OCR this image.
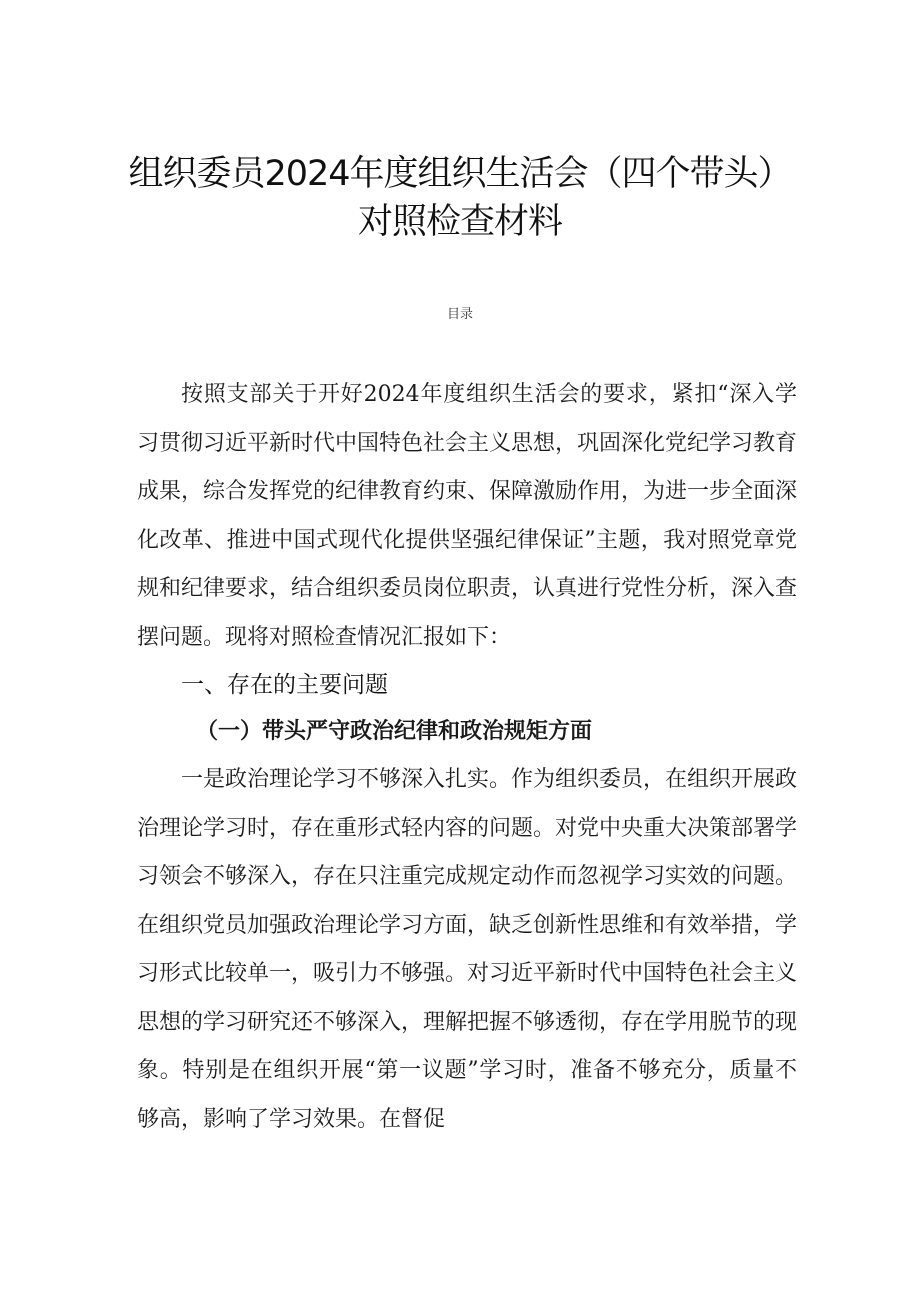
组织委员2024年度组织生活会（四个带头）
对照检查材料
目录

按照支部关于开好2024年度组织生活会的要求，紧扣“深入学习贯彻习近平新时代中国特色社会主义思想，巩固深化党纪学习教育成果，综合发挥党的纪律教育约束、保障激励作用，为进一步全面深化改革、推进中国式现代化提供坚强纪律保证”主题，我对照党章党规和纪律要求，结合组织委员岗位职责，认真进行党性分析，深入查摆问题。现将对照检查情况汇报如下：

一、存在的主要问题
（一）带头严守政治纪律和政治规矩方面

一是政治理论学习不够深入扎实。作为组织委员，在组织开展政治理论学习时，存在重形式轻内容的问题。对党中央重大决策部署学习领会不够深入，存在只注重完成规定动作而忽视学习实效的问题。在组织党员加强政治理论学习方面，缺乏创新性思维和有效举措，学习形式比较单一，吸引力不够强。对习近平新时代中国特色社会主义思想的学习研究还不够深入，理解把握不够透彻，存在学用脱节的现象。特别是在组织开展“第一议题”学习时，准备不够充分，质量不够高，影响了学习效果。在督促
